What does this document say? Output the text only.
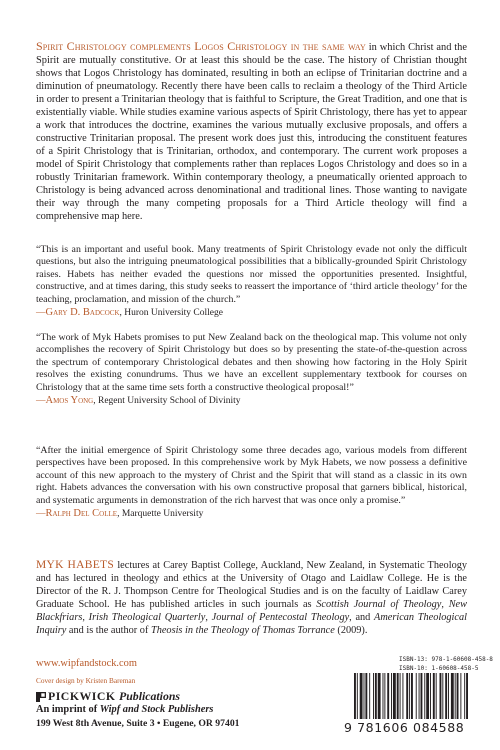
Spirit Christology complements Logos Christology in the same way in which Christ and the Spirit are mutually constitutive. Or at least this should be the case. The history of Christian thought shows that Logos Christology has dominated, resulting in both an eclipse of Trinitarian doctrine and a diminution of pneumatology. Recently there have been calls to reclaim a theology of the Third Article in order to present a Trinitarian theology that is faithful to Scripture, the Great Tradition, and one that is existentially viable. While studies examine various aspects of Spirit Christology, there has yet to appear a work that introduces the doctrine, examines the various mutually exclusive proposals, and offers a constructive Trinitarian proposal. The present work does just this, introducing the constituent features of a Spirit Christology that is Trinitarian, orthodox, and contemporary. The current work proposes a model of Spirit Christology that complements rather than replaces Logos Christology and does so in a robustly Trinitarian framework. Within contemporary theology, a pneumatically oriented approach to Christology is being advanced across denominational and traditional lines. Those wanting to navigate their way through the many competing proposals for a Third Article theology will find a comprehensive map here.

“This is an important and useful book. Many treatments of Spirit Christology evade not only the difficult questions, but also the intriguing pneumatological possibilities that a biblically-grounded Spirit Christology raises. Habets has neither evaded the questions nor missed the opportunities presented. Insightful, constructive, and at times daring, this study seeks to reassert the importance of ‘third article theology’ for the teaching, proclamation, and mission of the church.”

—Gary D. Badcock, Huron University College

“The work of Myk Habets promises to put New Zealand back on the theological map. This volume not only accomplishes the recovery of Spirit Christology but does so by presenting the state-of-the-question across the spectrum of contemporary Christological debates and then showing how factoring in the Holy Spirit resolves the existing conundrums. Thus we have an excellent supplementary textbook for courses on Christology that at the same time sets forth a constructive theological proposal!”

—Amos Yong, Regent University School of Divinity

“After the initial emergence of Spirit Christology some three decades ago, various models from different perspectives have been proposed. In this comprehensive work by Myk Habets, we now possess a definitive account of this new approach to the mystery of Christ and the Spirit that will stand as a classic in its own right. Habets advances the conversation with his own constructive proposal that garners biblical, historical, and systematic arguments in demonstration of the rich harvest that was once only a promise.”

—Ralph Del Colle, Marquette University

MYK HABETS lectures at Carey Baptist College, Auckland, New Zealand, in Systematic Theology and has lectured in theology and ethics at the University of Otago and Laidlaw College. He is the Director of the R. J. Thompson Centre for Theological Studies and is on the faculty of Laidlaw Carey Graduate School. He has published articles in such journals as Scottish Journal of Theology, New Blackfriars, Irish Theological Quarterly, Journal of Pentecostal Theology, and American Theological Inquiry and is the author of Theosis in the Theology of Thomas Torrance (2009).

www.wipfandstock.com
Cover design by Kristen Bareman
PICKWICK Publications
An imprint of Wipf and Stock Publishers
199 West 8th Avenue, Suite 3 • Eugene, OR 97401
ISBN-13: 978-1-60608-458-8
ISBN-10: 1-60608-458-5
9 781606 084588
